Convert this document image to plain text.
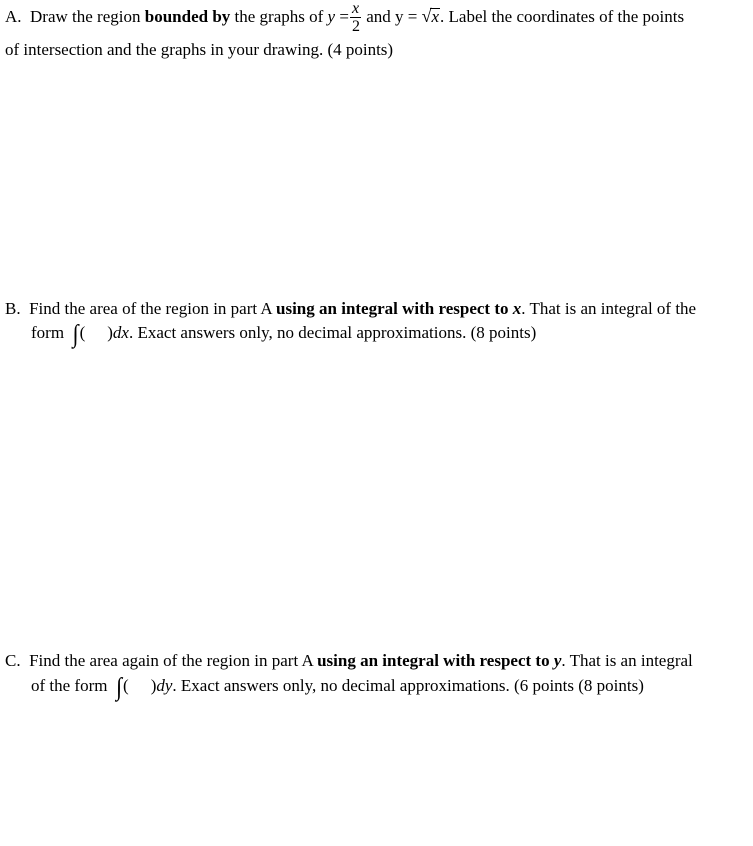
A. Draw the region bounded by the graphs of $y = \frac{x}{2}$ and y = √x. Label the coordinates of the points
of intersection and the graphs in your drawing. (4 points)
B. Find the area of the region in part A using an integral with respect to x. That is an integral of the
form  ∫( )dx. Exact answers only, no decimal approximations. (8 points)
C. Find the area again of the region in part A using an integral with respect to y. That is an integral
of the form  ∫( )dy. Exact answers only, no decimal approximations. (6 points (8 points)
